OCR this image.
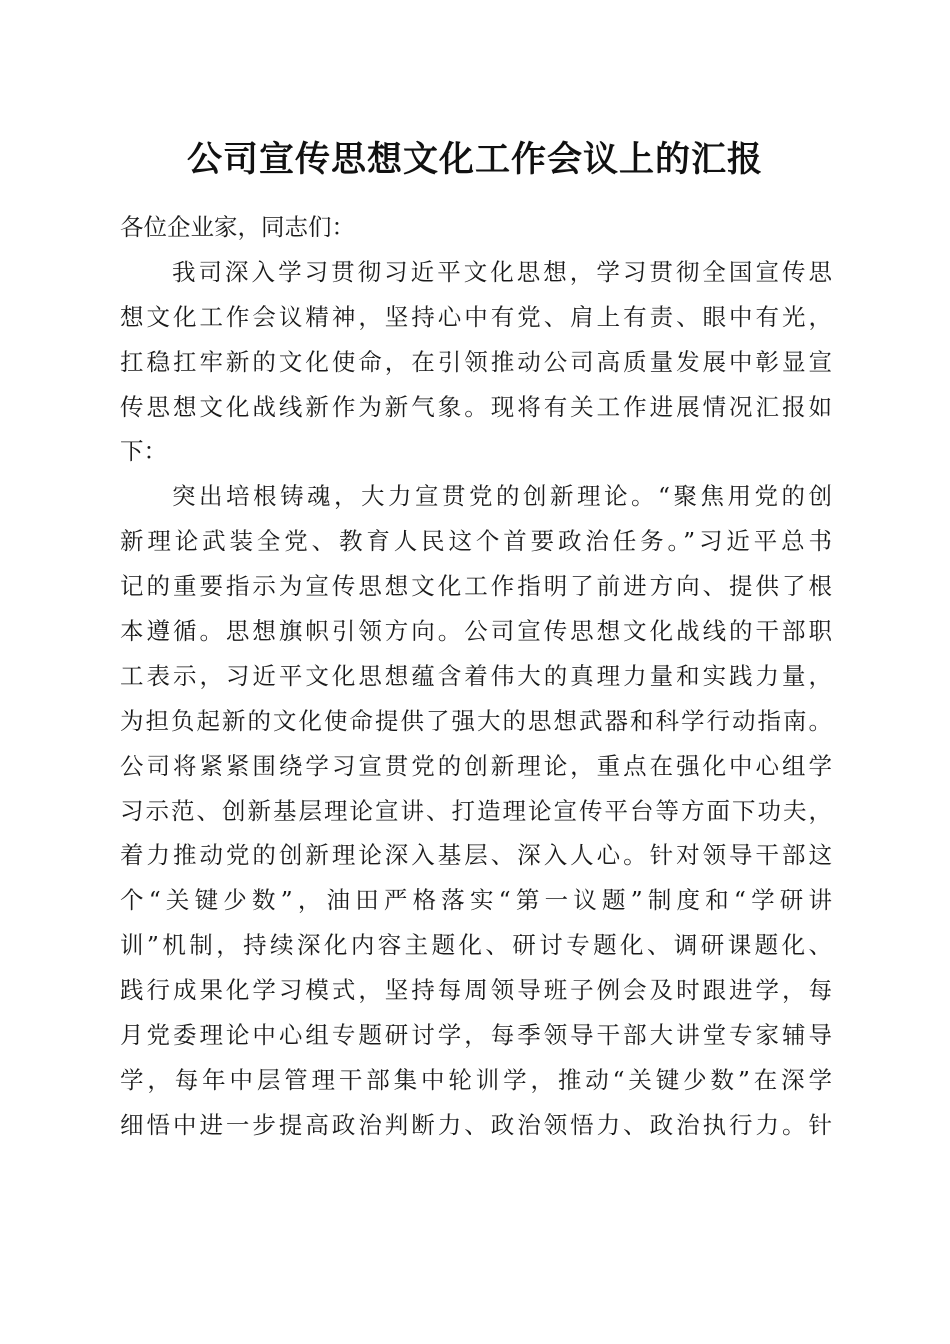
公司宣传思想文化工作会议上的汇报
各位企业家，同志们：
我司深入学习贯彻习近平文化思想，学习贯彻全国宣传思
想文化工作会议精神，坚持心中有党、肩上有责、眼中有光，
扛稳扛牢新的文化使命，在引领推动公司高质量发展中彰显宣
传思想文化战线新作为新气象。现将有关工作进展情况汇报如
下：
突出培根铸魂，大力宣贯党的创新理论。“聚焦用党的创
新理论武装全党、教育人民这个首要政治任务。”习近平总书
记的重要指示为宣传思想文化工作指明了前进方向、提供了根
本遵循。思想旗帜引领方向。公司宣传思想文化战线的干部职
工表示，习近平文化思想蕴含着伟大的真理力量和实践力量，
为担负起新的文化使命提供了强大的思想武器和科学行动指南。
公司将紧紧围绕学习宣贯党的创新理论，重点在强化中心组学
习示范、创新基层理论宣讲、打造理论宣传平台等方面下功夫，
着力推动党的创新理论深入基层、深入人心。针对领导干部这
个“关键少数”，油田严格落实“第一议题”制度和“学研讲
训”机制，持续深化内容主题化、研讨专题化、调研课题化、
践行成果化学习模式，坚持每周领导班子例会及时跟进学，每
月党委理论中心组专题研讨学，每季领导干部大讲堂专家辅导
学，每年中层管理干部集中轮训学，推动“关键少数”在深学
细悟中进一步提高政治判断力、政治领悟力、政治执行力。针
